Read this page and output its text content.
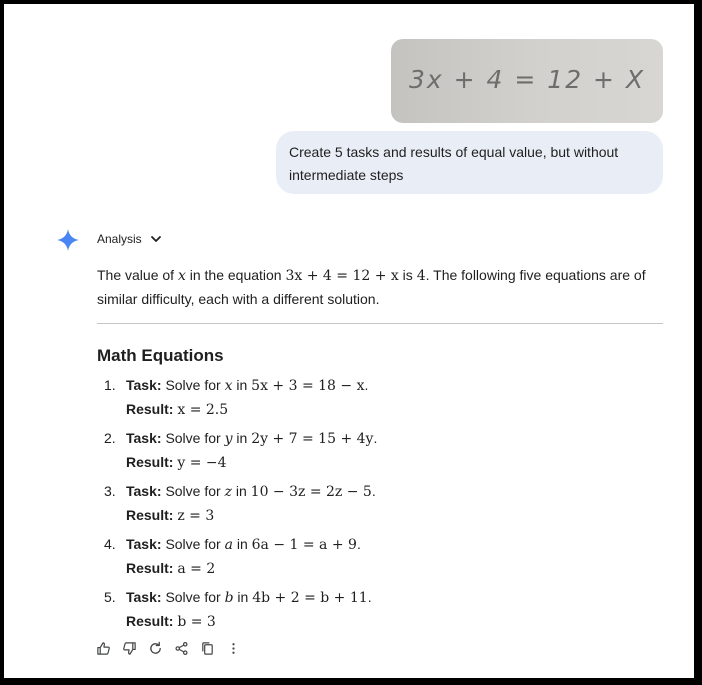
3x + 4 = 12 + X
Create 5 tasks and results of equal value, but without intermediate steps
Analysis

The value of x in the equation 3x + 4 = 12 + x is 4. The following five equations are of similar difficulty, each with a different solution.

Math Equations
1. Task: Solve for x in 5x + 3 = 18 − x.
Result: x = 2.5
2. Task: Solve for y in 2y + 7 = 15 + 4y.
Result: y = −4
3. Task: Solve for z in 10 − 3z = 2z − 5.
Result: z = 3
4. Task: Solve for a in 6a − 1 = a + 9.
Result: a = 2
5. Task: Solve for b in 4b + 2 = b + 11.
Result: b = 3
